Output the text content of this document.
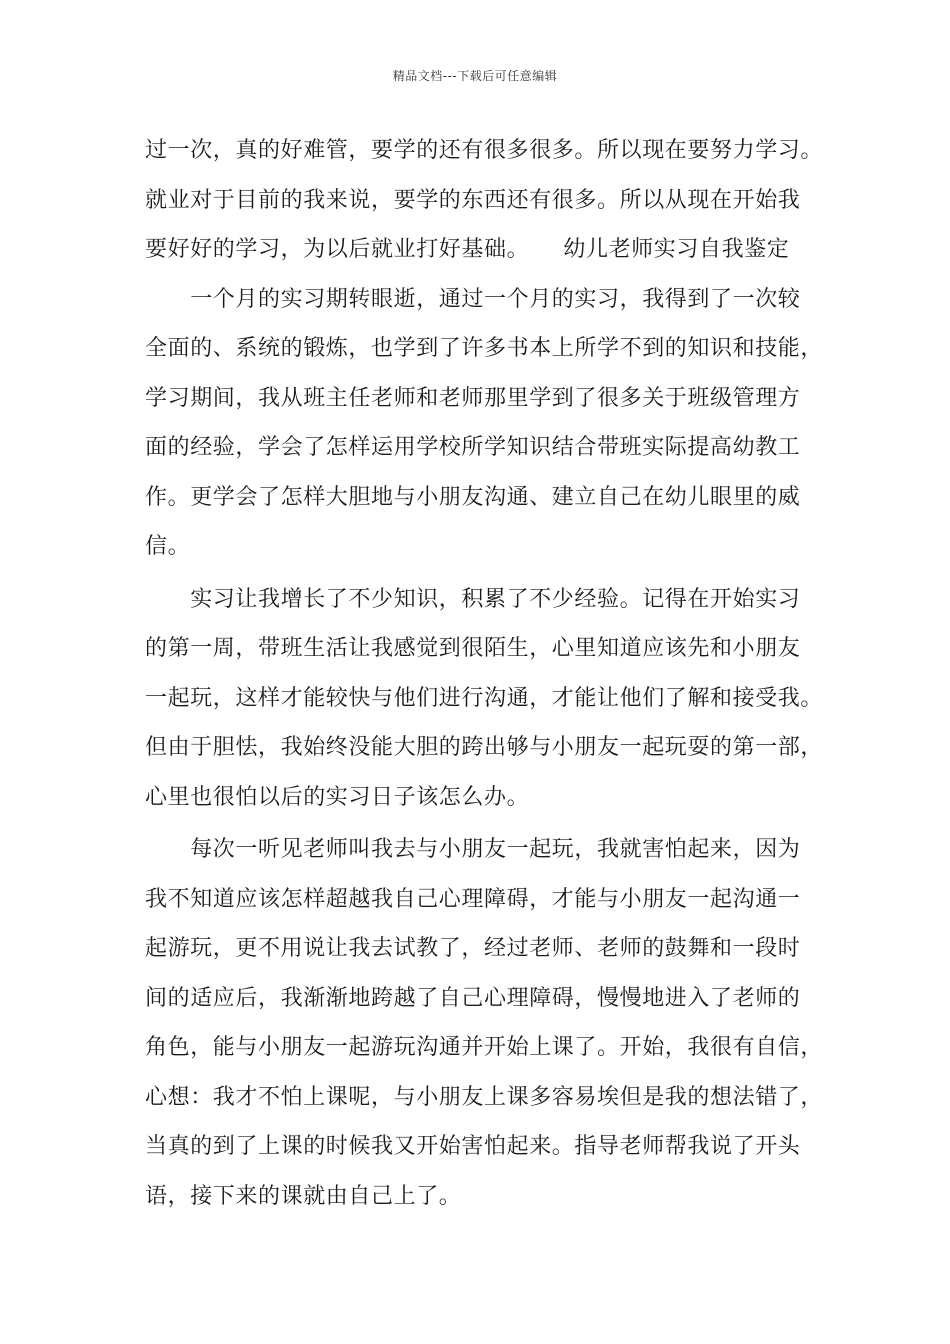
精品文档---下载后可任意编辑
过一次，真的好难管，要学的还有很多很多。所以现在要努力学习。
就业对于目前的我来说，要学的东西还有很多。所以从现在开始我
要好好的学习，为以后就业打好基础。　　幼儿老师实习自我鉴定
　　一个月的实习期转眼逝，通过一个月的实习，我得到了一次较
全面的、系统的锻炼，也学到了许多书本上所学不到的知识和技能，
学习期间，我从班主任老师和老师那里学到了很多关于班级管理方
面的经验，学会了怎样运用学校所学知识结合带班实际提高幼教工
作。更学会了怎样大胆地与小朋友沟通、建立自己在幼儿眼里的威
信。
　　实习让我增长了不少知识，积累了不少经验。记得在开始实习
的第一周，带班生活让我感觉到很陌生，心里知道应该先和小朋友
一起玩，这样才能较快与他们进行沟通，才能让他们了解和接受我。
但由于胆怯，我始终没能大胆的跨出够与小朋友一起玩耍的第一部，
心里也很怕以后的实习日子该怎么办。
　　每次一听见老师叫我去与小朋友一起玩，我就害怕起来，因为
我不知道应该怎样超越我自己心理障碍，才能与小朋友一起沟通一
起游玩，更不用说让我去试教了，经过老师、老师的鼓舞和一段时
间的适应后，我渐渐地跨越了自己心理障碍，慢慢地进入了老师的
角色，能与小朋友一起游玩沟通并开始上课了。开始，我很有自信，
心想：我才不怕上课呢，与小朋友上课多容易埃但是我的想法错了，
当真的到了上课的时候我又开始害怕起来。指导老师帮我说了开头
语，接下来的课就由自己上了。
